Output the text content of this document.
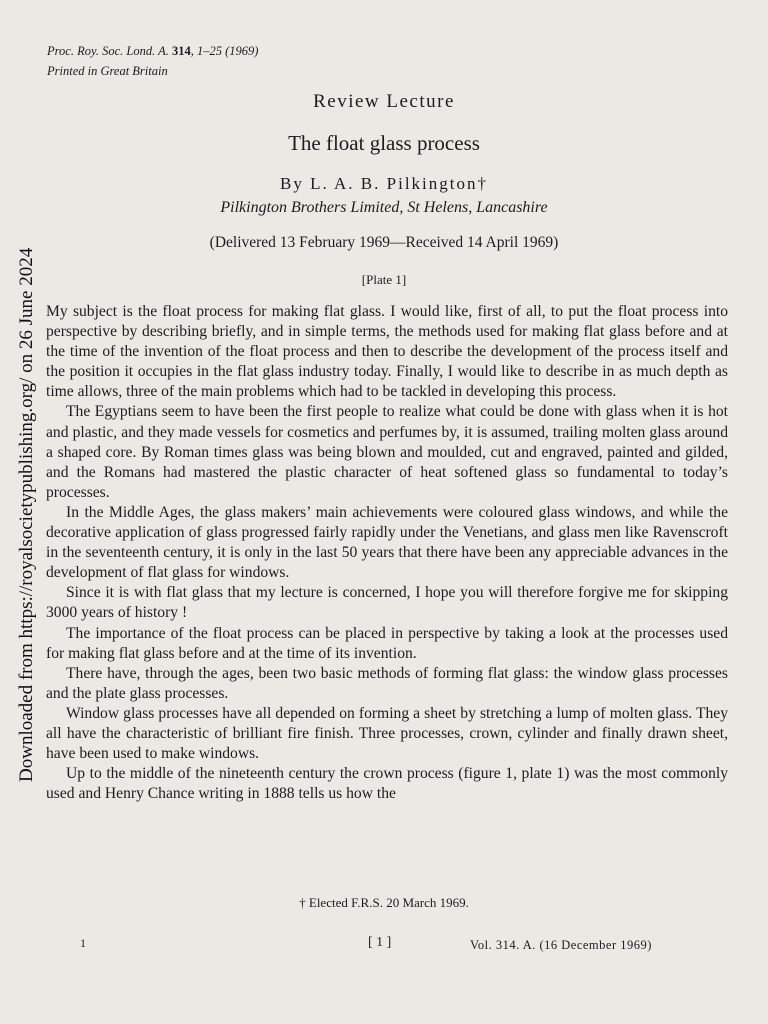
Downloaded from https://royalsocietypublishing.org/ on 26 June 2024
Proc. Roy. Soc. Lond. A. 314, 1–25 (1969)
Printed in Great Britain
Review Lecture
The float glass process
By L. A. B. Pilkington†
Pilkington Brothers Limited, St Helens, Lancashire
(Delivered 13 February 1969—Received 14 April 1969)
[Plate 1]

My subject is the float process for making flat glass. I would like, first of all, to put the float process into perspective by describing briefly, and in simple terms, the methods used for making flat glass before and at the time of the invention of the float process and then to describe the development of the process itself and the position it occupies in the flat glass industry today. Finally, I would like to describe in as much depth as time allows, three of the main problems which had to be tackled in developing this process.

The Egyptians seem to have been the first people to realize what could be done with glass when it is hot and plastic, and they made vessels for cosmetics and perfumes by, it is assumed, trailing molten glass around a shaped core. By Roman times glass was being blown and moulded, cut and engraved, painted and gilded, and the Romans had mastered the plastic character of heat softened glass so fundamental to today’s processes.

In the Middle Ages, the glass makers’ main achievements were coloured glass windows, and while the decorative application of glass progressed fairly rapidly under the Venetians, and glass men like Ravenscroft in the seventeenth century, it is only in the last 50 years that there have been any appreciable advances in the development of flat glass for windows.

Since it is with flat glass that my lecture is concerned, I hope you will therefore forgive me for skipping 3000 years of history !

The importance of the float process can be placed in perspective by taking a look at the processes used for making flat glass before and at the time of its invention.

There have, through the ages, been two basic methods of forming flat glass: the window glass processes and the plate glass processes.

Window glass processes have all depended on forming a sheet by stretching a lump of molten glass. They all have the characteristic of brilliant fire finish. Three processes, crown, cylinder and finally drawn sheet, have been used to make windows.

Up to the middle of the nineteenth century the crown process (figure 1, plate 1) was the most commonly used and Henry Chance writing in 1888 tells us how the

† Elected F.R.S. 20 March 1969.
1	[ 1 ]	Vol. 314. A. (16 December 1969)
